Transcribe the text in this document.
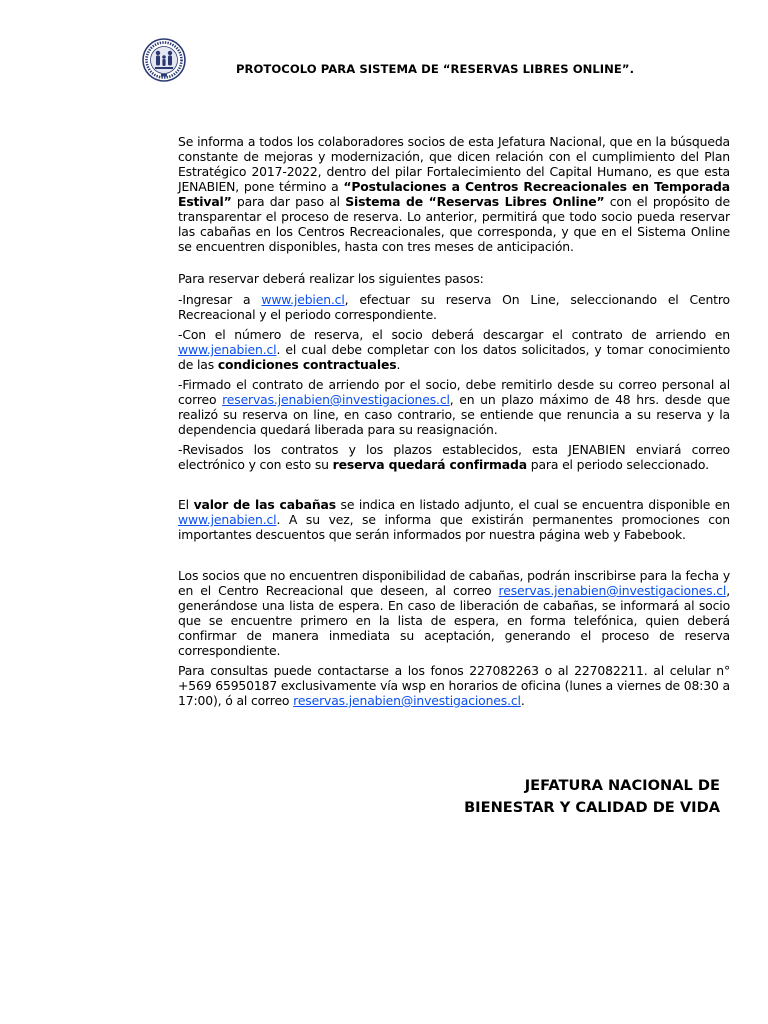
PROTOCOLO PARA SISTEMA DE “RESERVAS LIBRES ONLINE”.

Se informa a todos los colaboradores socios de esta Jefatura Nacional, que en la búsqueda constante de mejoras y modernización, que dicen relación con el cumplimiento del Plan Estratégico 2017-2022, dentro del pilar Fortalecimiento del Capital Humano, es que esta JENABIEN, pone término a “Postulaciones a Centros Recreacionales en Temporada Estival” para dar paso al Sistema de “Reservas Libres Online” con el propósito de transparentar el proceso de reserva. Lo anterior, permitirá que todo socio pueda reservar las cabañas en los Centros Recreacionales, que corresponda, y que en el Sistema Online se encuentren disponibles, hasta con tres meses de anticipación.

Para reservar deberá realizar los siguientes pasos:

-Ingresar a www.jebien.cl, efectuar su reserva On Line, seleccionando el Centro Recreacional y el periodo correspondiente.

-Con el número de reserva, el socio deberá descargar el contrato de arriendo en www.jenabien.cl. el cual debe completar con los datos solicitados, y tomar conocimiento de las condiciones contractuales.

-Firmado el contrato de arriendo por el socio, debe remitirlo desde su correo personal al correo reservas.jenabien@investigaciones.cl, en un plazo máximo de 48 hrs. desde que realizó su reserva on line, en caso contrario, se entiende que renuncia a su reserva y la dependencia quedará liberada para su reasignación.

-Revisados los contratos y los plazos establecidos, esta JENABIEN enviará correo electrónico y con esto su reserva quedará confirmada para el periodo seleccionado.

El valor de las cabañas se indica en listado adjunto, el cual se encuentra disponible en www.jenabien.cl. A su vez, se informa que existirán permanentes promociones con importantes descuentos que serán informados por nuestra página web y Fabebook.

Los socios que no encuentren disponibilidad de cabañas, podrán inscribirse para la fecha y en el Centro Recreacional que deseen, al correo reservas.jenabien@investigaciones.cl, generándose una lista de espera. En caso de liberación de cabañas, se informará al socio que se encuentre primero en la lista de espera, en forma telefónica, quien deberá confirmar de manera inmediata su aceptación, generando el proceso de reserva correspondiente.

Para consultas puede contactarse a los fonos 227082263 o al 227082211. al celular n° +569 65950187 exclusivamente vía wsp en horarios de oficina (lunes a viernes de 08:30 a 17:00), ó al correo reservas.jenabien@investigaciones.cl.

JEFATURA NACIONAL DE
BIENESTAR Y CALIDAD DE VIDA
